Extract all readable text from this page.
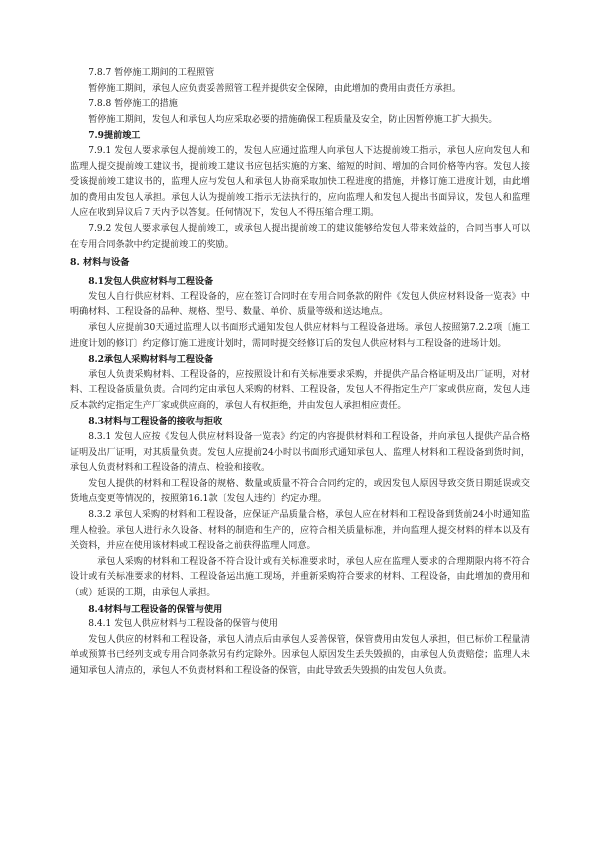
7.8.7 暂停施工期间的工程照管

暂停施工期间，承包人应负责妥善照管工程并提供安全保障，由此增加的费用由责任方承担。

7.8.8 暂停施工的措施

暂停施工期间，发包人和承包人均应采取必要的措施确保工程质量及安全，防止因暂停施工扩大损失。

7.9提前竣工

7.9.1 发包人要求承包人提前竣工的，发包人应通过监理人向承包人下达提前竣工指示，承包人应向发包人和监理人提交提前竣工建议书，提前竣工建议书应包括实施的方案、缩短的时间、增加的合同价格等内容。发包人接受该提前竣工建议书的，监理人应与发包人和承包人协商采取加快工程进度的措施，并修订施工进度计划，由此增加的费用由发包人承担。承包人认为提前竣工指示无法执行的，应向监理人和发包人提出书面异议，发包人和监理人应在收到异议后７天内予以答复。任何情况下，发包人不得压缩合理工期。

7.9.2 发包人要求承包人提前竣工，或承包人提出提前竣工的建议能够给发包人带来效益的，合同当事人可以在专用合同条款中约定提前竣工的奖励。

8. 材料与设备

8.1发包人供应材料与工程设备

发包人自行供应材料、工程设备的，应在签订合同时在专用合同条款的附件《发包人供应材料设备一览表》中明确材料、工程设备的品种、规格、型号、数量、单价、质量等级和送达地点。

承包人应提前30天通过监理人以书面形式通知发包人供应材料与工程设备进场。承包人按照第7.2.2项〔施工进度计划的修订〕约定修订施工进度计划时，需同时提交经修订后的发包人供应材料与工程设备的进场计划。

8.2承包人采购材料与工程设备

承包人负责采购材料、工程设备的，应按照设计和有关标准要求采购，并提供产品合格证明及出厂证明，对材料、工程设备质量负责。合同约定由承包人采购的材料、工程设备，发包人不得指定生产厂家或供应商，发包人违反本款约定指定生产厂家或供应商的，承包人有权拒绝，并由发包人承担相应责任。

8.3材料与工程设备的接收与拒收

8.3.1 发包人应按《发包人供应材料设备一览表》约定的内容提供材料和工程设备，并向承包人提供产品合格证明及出厂证明，对其质量负责。发包人应提前24小时以书面形式通知承包人、监理人材料和工程设备到货时间，承包人负责材料和工程设备的清点、检验和接收。

发包人提供的材料和工程设备的规格、数量或质量不符合合同约定的，或因发包人原因导致交货日期延误或交货地点变更等情况的，按照第16.1款〔发包人违约〕约定办理。

8.3.2 承包人采购的材料和工程设备，应保证产品质量合格，承包人应在材料和工程设备到货前24小时通知监理人检验。承包人进行永久设备、材料的制造和生产的，应符合相关质量标准，并向监理人提交材料的样本以及有关资料，并应在使用该材料或工程设备之前获得监理人同意。

承包人采购的材料和工程设备不符合设计或有关标准要求时，承包人应在监理人要求的合理期限内将不符合设计或有关标准要求的材料、工程设备运出施工现场，并重新采购符合要求的材料、工程设备，由此增加的费用和（或）延误的工期，由承包人承担。

8.4材料与工程设备的保管与使用

8.4.1 发包人供应材料与工程设备的保管与使用

发包人供应的材料和工程设备，承包人清点后由承包人妥善保管，保管费用由发包人承担，但已标价工程量清单或预算书已经列支或专用合同条款另有约定除外。因承包人原因发生丢失毁损的，由承包人负责赔偿；监理人未通知承包人清点的，承包人不负责材料和工程设备的保管，由此导致丢失毁损的由发包人负责。
